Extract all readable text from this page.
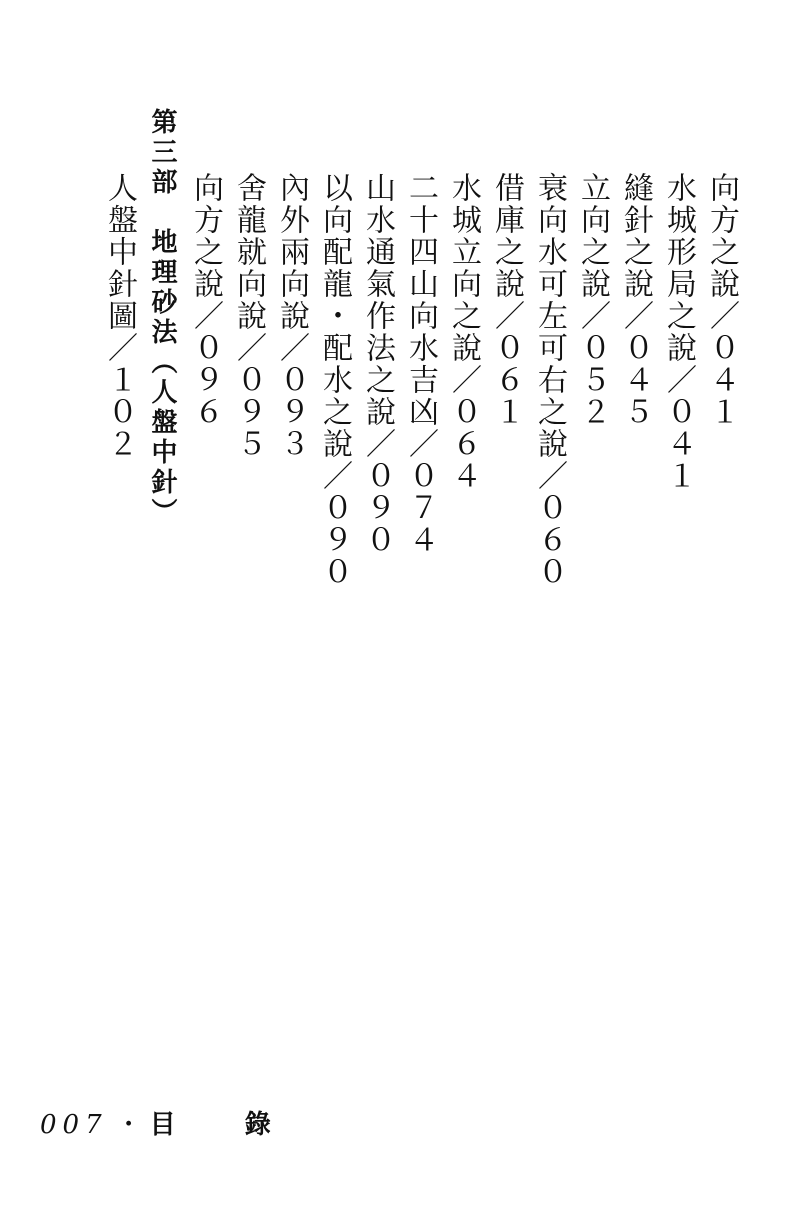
向方之說／０４１
水城形局之說／０４１
縫針之說／０４５
立向之說／０５２
衰向水可左可右之說／０６０
借庫之說／０６１
水城立向之說／０６４
二十四山向水吉凶／０７４
山水通氣作法之說／０９０
以向配龍・配水之說／０９０
內外兩向說／０９３
舍龍就向說／０９５
向方之說／０９６
第三部　地理砂法（人盤中針）
人盤中針圖／１０２
007 ・ 目 錄
